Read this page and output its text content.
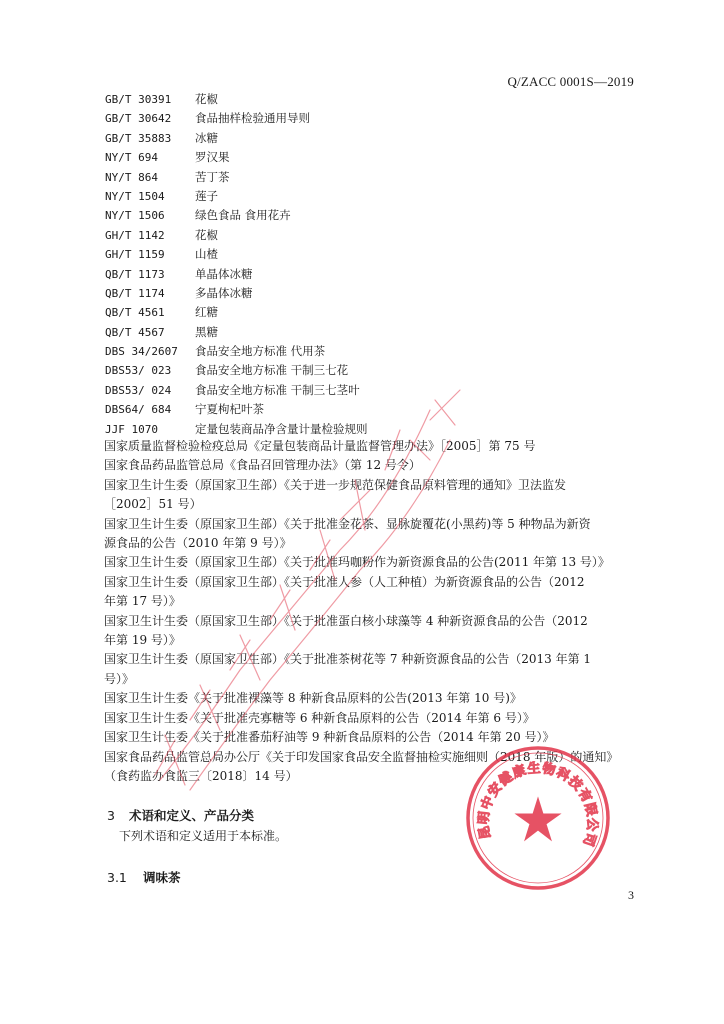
Q/ZACC 0001S—2019
GB/T 30391 花椒
GB/T 30642 食品抽样检验通用导则
GB/T 35883 冰糖
NY/T 694	罗汉果
NY/T 864	苦丁茶
NY/T 1504	莲子
NY/T 1506	绿色食品 食用花卉
GH/T 1142	花椒
GH/T 1159	山楂
QB/T 1173	单晶体冰糖
QB/T 1174	多晶体冰糖
QB/T 4561	红糖
QB/T 4567	黑糖
DBS 34/2607 食品安全地方标准 代用茶
DBS53/ 023 食品安全地方标准 干制三七花
DBS53/ 024 食品安全地方标准 干制三七茎叶
DBS64/ 684 宁夏枸杞叶茶
JJF 1070	定量包装商品净含量计量检验规则
国家质量监督检验检疫总局《定量包装商品计量监督管理办法》［2005］第 75 号
国家食品药品监管总局《食品召回管理办法》（第 12 号令）
国家卫生计生委（原国家卫生部）《关于进一步规范保健食品原料管理的通知》卫法监发
［2002］51 号）
国家卫生计生委（原国家卫生部）《关于批准金花茶、显脉旋覆花(小黑药)等 5 种物品为新资
源食品的公告（2010 年第 9 号）》
国家卫生计生委（原国家卫生部）《关于批准玛咖粉作为新资源食品的公告(2011 年第 13 号）》
国家卫生计生委（原国家卫生部）《关于批准人参（人工种植）为新资源食品的公告（2012
年第 17 号）》
国家卫生计生委（原国家卫生部）《关于批准蛋白核小球藻等 4 种新资源食品的公告（2012
年第 19 号）》
国家卫生计生委（原国家卫生部）《关于批准茶树花等 7 种新资源食品的公告（2013 年第 1
号）》
国家卫生计生委《关于批准裸藻等 8 种新食品原料的公告(2013 年第 10 号)》
国家卫生计生委《关于批准壳寡糖等 6 种新食品原料的公告（2014 年第 6 号）》
国家卫生计生委《关于批准番茄籽油等 9 种新食品原料的公告（2014 年第 20 号）》
国家食品药品监管总局办公厅《关于印发国家食品安全监督抽检实施细则（2018 年版）的通知》
（食药监办食监三〔2018〕14 号）
3 术语和定义、产品分类
下列术语和定义适用于本标准。
3.1 调味茶
3
昆明中安健康生物科技有限公司
